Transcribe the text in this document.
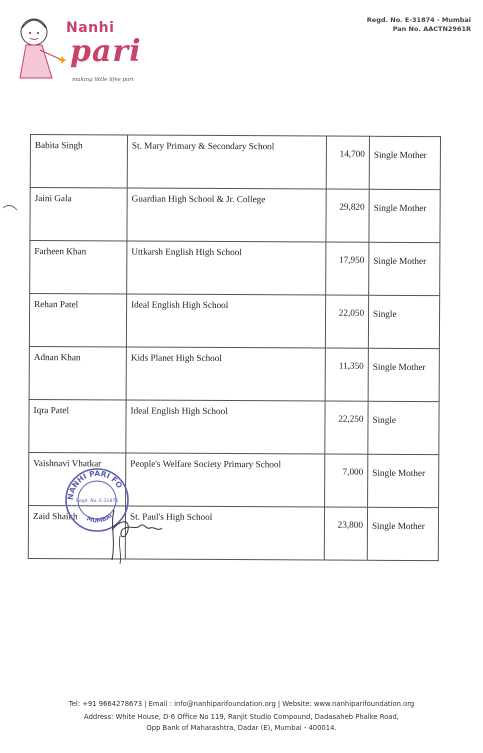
Nanhi
pari
making little lifes pari
Regd. No. E-31874 - Mumbai
Pan No. AACTN2961R
Babita Singh	St. Mary Primary & Secondary School	14,700	Single Mother
Jaini Gala	Guardian High School & Jr. College	29,820	Single Mother
Farheen Khan	Uttkarsh English High School	17,950	Single Mother
Rehan Patel	Ideal English High School	22,050	Single
Adnan Khan	Kids Planet High School	11,350	Single Mother
Iqra Patel	Ideal English High School	22,250	Single
Vaishnavi Vhatkar	People's Welfare Society Primary School	7,000	Single Mother
Zaid Shaikh	St. Paul's High School	23,800	Single Mother
NANHI PARI FO
MUMBAI
Regd. No. E-31874
Tel: +91 9664278673 | Email : info@nanhiparifoundation.org | Website: www.nanhiparifoundation.org
Address: White House, D-6 Office No 119, Ranjit Studio Compound, Dadasaheb Phalke Road,
Opp Bank of Maharashtra, Dadar (E), Mumbai - 400014.
